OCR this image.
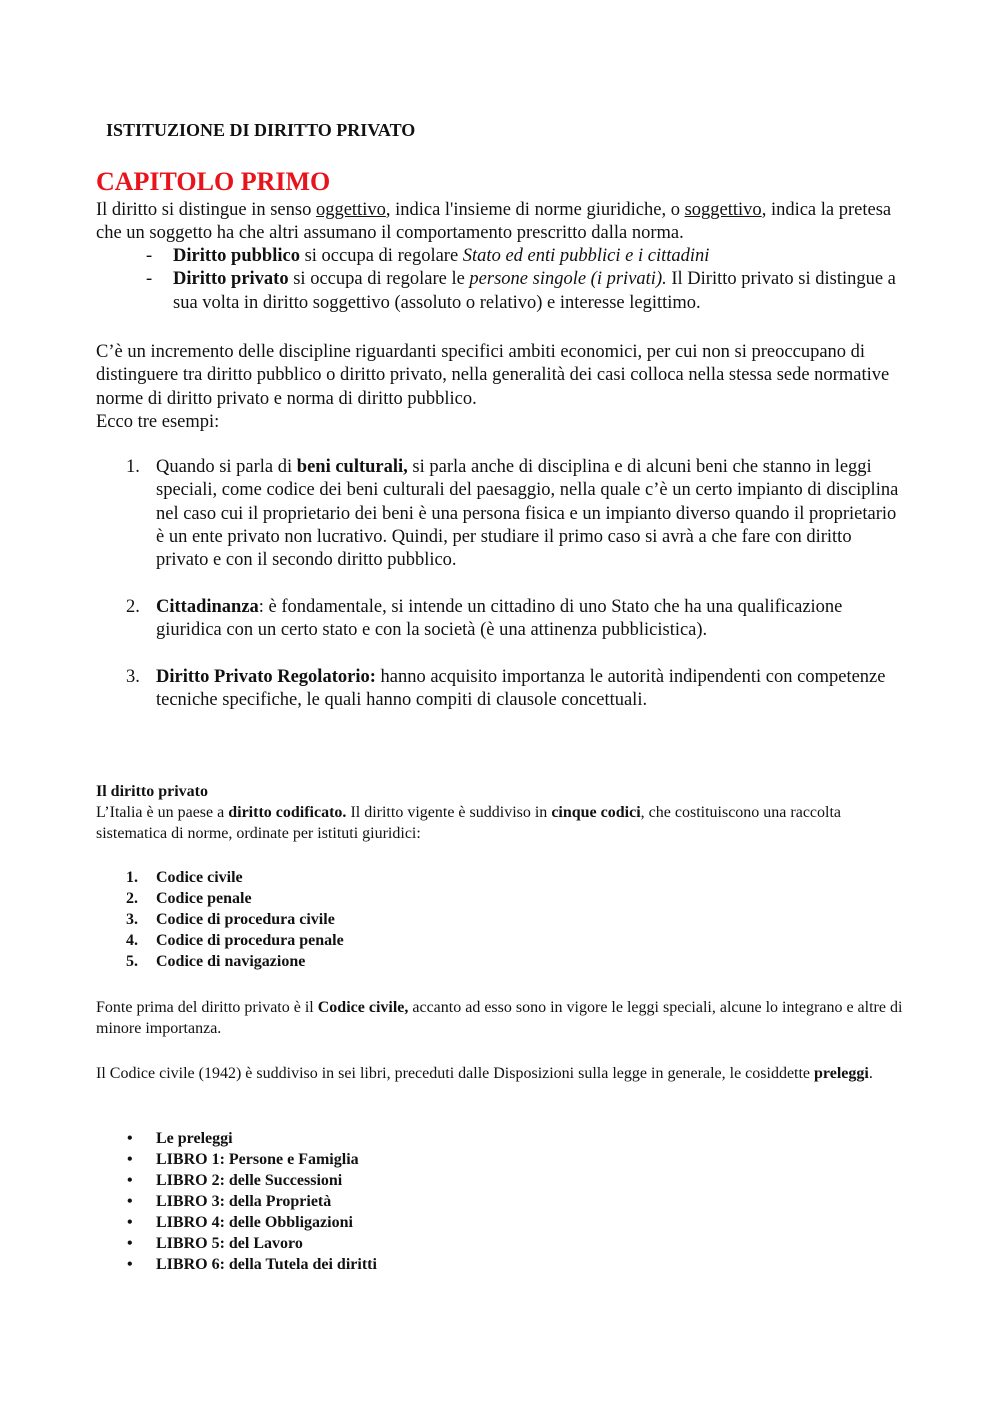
ISTITUZIONE DI DIRITTO PRIVATO
CAPITOLO PRIMO

Il diritto si distingue in senso oggettivo, indica l'insieme di norme giuridiche, o soggettivo, indica la pretesa che un soggetto ha che altri assumano il comportamento prescritto dalla norma.

- Diritto pubblico si occupa di regolare Stato ed enti pubblici e i cittadini
- Diritto privato si occupa di regolare le persone singole (i privati). Il Diritto privato si distingue a sua volta in diritto soggettivo (assoluto o relativo) e interesse legittimo.

C’è un incremento delle discipline riguardanti specifici ambiti economici, per cui non si preoccupano di distinguere tra diritto pubblico o diritto privato, nella generalità dei casi colloca nella stessa sede normative norme di diritto privato e norma di diritto pubblico.

Ecco tre esempi:

1. Quando si parla di beni culturali, si parla anche di disciplina e di alcuni beni che stanno in leggi speciali, come codice dei beni culturali del paesaggio, nella quale c’è un certo impianto di disciplina nel caso cui il proprietario dei beni è una persona fisica e un impianto diverso quando il proprietario è un ente privato non lucrativo. Quindi, per studiare il primo caso si avrà a che fare con diritto privato e con il secondo diritto pubblico.
2. Cittadinanza: è fondamentale, si intende un cittadino di uno Stato che ha una qualificazione giuridica con un certo stato e con la società (è una attinenza pubblicistica).
3. Diritto Privato Regolatorio: hanno acquisito importanza le autorità indipendenti con competenze tecniche specifiche, le quali hanno compiti di clausole concettuali.
Il diritto privato

L’Italia è un paese a diritto codificato. Il diritto vigente è suddiviso in cinque codici, che costituiscono una raccolta sistematica di norme, ordinate per istituti giuridici:

1. Codice civile
2. Codice penale
3. Codice di procedura civile
4. Codice di procedura penale
5. Codice di navigazione

Fonte prima del diritto privato è il Codice civile, accanto ad esso sono in vigore le leggi speciali, alcune lo integrano e altre di minore importanza.

Il Codice civile (1942) è suddiviso in sei libri, preceduti dalle Disposizioni sulla legge in generale, le cosiddette preleggi.

• Le preleggi
• LIBRO 1: Persone e Famiglia
• LIBRO 2: delle Successioni
• LIBRO 3: della Proprietà
• LIBRO 4: delle Obbligazioni
• LIBRO 5: del Lavoro
• LIBRO 6: della Tutela dei diritti
